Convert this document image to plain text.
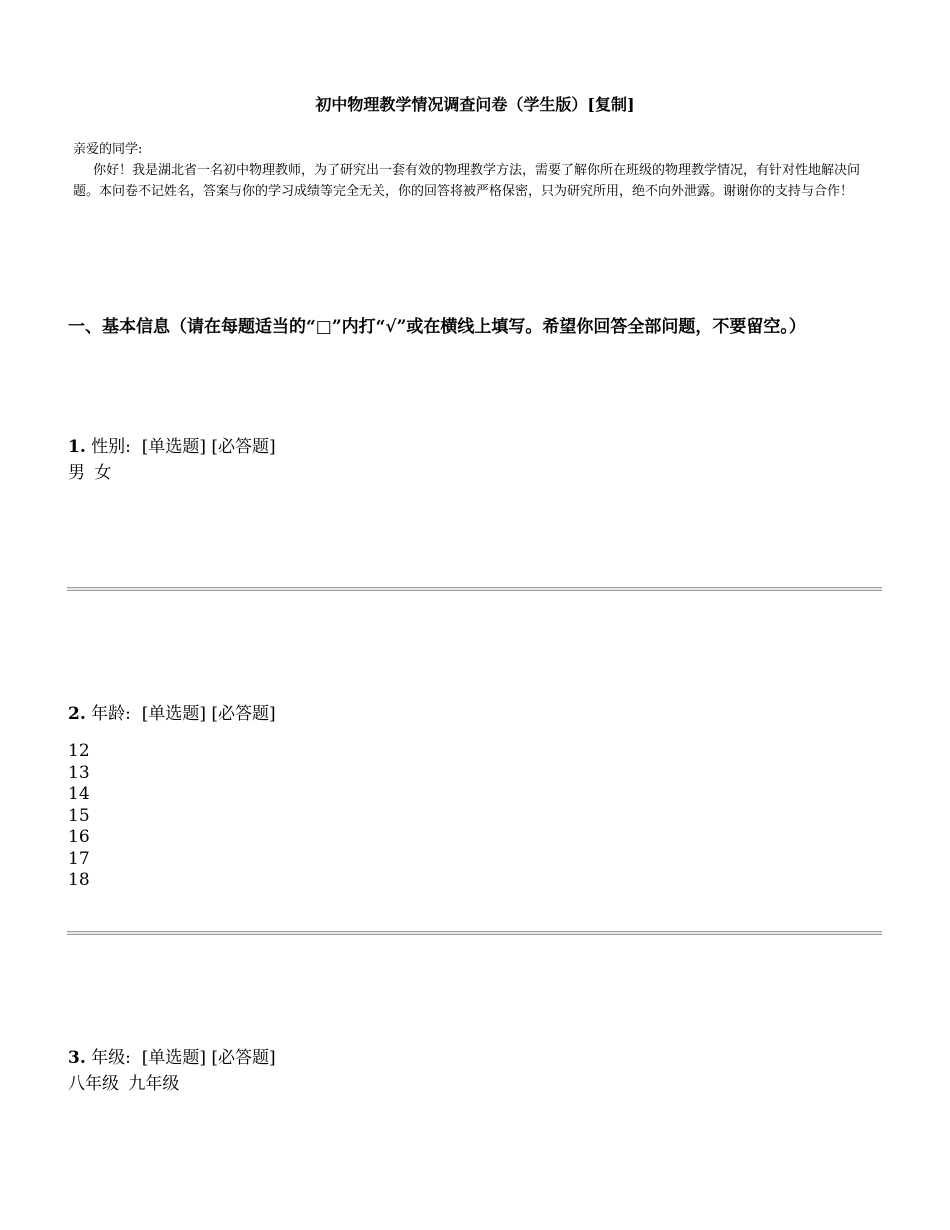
初中物理教学情况调查问卷（学生版）[复制]
亲爱的同学:
你好！我是湖北省一名初中物理教师，为了研究出一套有效的物理教学方法，需要了解你所在班级的物理教学情况，有针对性地解决问题。本问卷不记姓名，答案与你的学习成绩等完全无关，你的回答将被严格保密，只为研究所用，绝不向外泄露。谢谢你的支持与合作！
一、基本信息（请在每题适当的“□”内打“√”或在横线上填写。希望你回答全部问题，不要留空。）
1. 性别: [单选题] [必答题]
男 女
2. 年龄: [单选题] [必答题]
12
13
14
15
16
17
18
3. 年级: [单选题] [必答题]
八年级 九年级
